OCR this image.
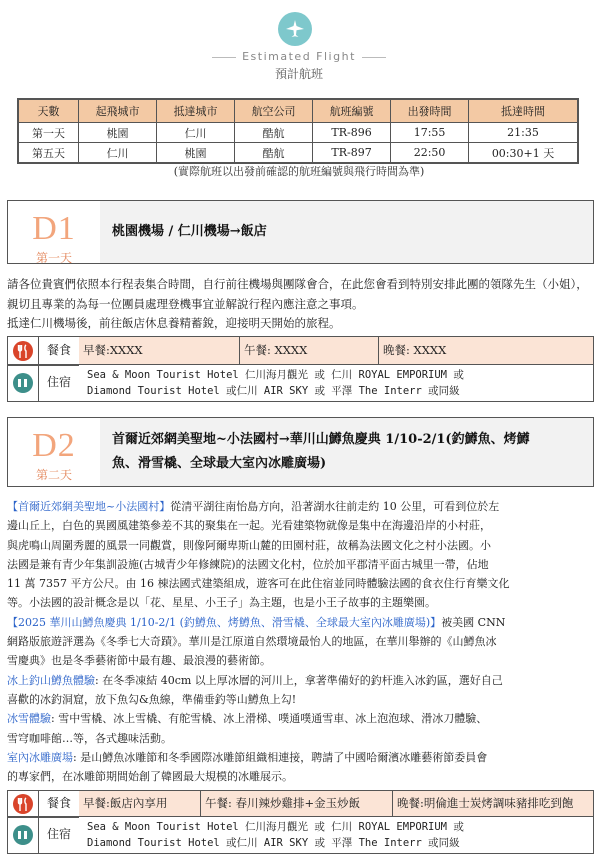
Estimated Flight
預計航班
天數	起飛城市	抵達城市	航空公司	航班編號	出發時間	抵達時間
第一天	桃園	仁川	酷航	TR-896	17:55	21:35
第五天	仁川	桃園	酷航	TR-897	22:50	00:30+1 天
(實際航班以出發前確認的航班編號與飛行時間為準)
D1
第一天
桃園機場 / 仁川機場→飯店
請各位貴賓們依照本行程表集合時間，自行前往機場與團隊會合，在此您會看到特別安排此團的領隊先生（小姐），親切且專業的為每一位團員處理登機事宜並解說行程內應注意之事項。
抵達仁川機場後，前往飯店休息養精蓄銳，迎接明天開始的旅程。
餐食	早餐:XXXX	午餐: XXXX	晚餐: XXXX
住宿	Sea & Moon Tourist Hotel 仁川海月觀光 或 仁川 ROYAL EMPORIUM 或
Diamond Tourist Hotel 或仁川 AIR SKY 或 平澤 The Interr 或同級
D2
第二天
首爾近郊網美聖地~小法國村→華川山鱒魚慶典 1/10-2/1(釣鱒魚、烤鱒
魚、滑雪橇、全球最大室內冰雕廣場)
【首爾近郊網美聖地~小法國村】從清平湖往南怡島方向，沿著湖水往前走約 10 公里，可看到位於左
邊山丘上，白色的異國風建築參差不其的聚集在一起。光看建築物就像是集中在海邊沿岸的小村莊，
與虎鳴山周圍秀麗的風景一同觀賞，則像阿爾卑斯山麓的田園村莊，故稱為法國文化之村小法國。小
法國是兼有青少年集訓設施(古城青少年修練院)的法國文化村，位於加平郡清平面古城里一帶，佔地
11 萬 7357 平方公尺。由 16 棟法國式建築組成，遊客可在此住宿並同時體驗法國的食衣住行育樂文化
等。小法國的設計概念是以「花、星星、小王子」為主題，也是小王子故事的主題樂園。
【2025 華川山鱒魚慶典 1/10-2/1 (釣鱒魚、烤鱒魚、滑雪橇、全球最大室內冰雕廣場)】被美國 CNN
網路版旅遊評選為《冬季七大奇蹟》。華川是江原道自然環境最怡人的地區，在華川舉辦的《山鱒魚冰
雪慶典》也是冬季藝術節中最有趣、最浪漫的藝術節。
冰上釣山鱒魚體驗: 在冬季凍結 40cm 以上厚冰層的河川上，拿著準備好的釣杆進入冰釣區，選好自己
喜歡的冰釣洞窟，放下魚勾&魚線，準備垂釣等山鱒魚上勾!
冰雪體驗: 雪中雪橇、冰上雪橇、有舵雪橇、冰上滑梯、噗通噗通雪車、冰上泡泡球、滑冰刀體驗、
雪穹咖啡館…等，各式趣味活動。
室內冰雕廣場: 是山鱒魚冰雕節和冬季國際冰雕節組織相連接，聘請了中國哈爾濱冰雕藝術節委員會
的專家們，在冰雕節期間始創了韓國最大規模的冰雕展示。
餐食	早餐:飯店內享用	午餐: 春川辣炒雞排+金玉炒飯	晚餐:明倫進士炭烤調味豬排吃到飽
住宿	Sea & Moon Tourist Hotel 仁川海月觀光 或 仁川 ROYAL EMPORIUM 或
Diamond Tourist Hotel 或仁川 AIR SKY 或 平澤 The Interr 或同級
